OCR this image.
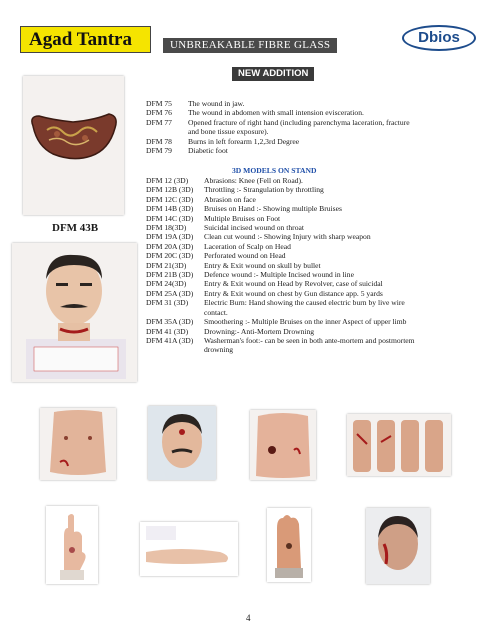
Agad Tantra	UNBREAKABLE FIBRE GLASS	Dbios
NEW ADDITION
DFM 43B
DFM 75	The wound in jaw.
DFM 76	The wound in abdomen with small intension evisceration.
DFM 77	Opened fracture of right hand (including parenchyma laceration, fracture
and bone tissue exposure).
DFM 78	Burns in left forearm 1,2,3rd Degree
DFM 79	Diabetic foot
3D MODELS ON STAND
DFM 12 (3D)	Abrasions: Knee (Fell on Road).
DFM 12B (3D)	Throttling :- Strangulation by throttling
DFM 12C (3D)	Abrasion on face
DFM 14B (3D)	Bruises on Hand :- Showing multiple Bruises
DFM 14C (3D)	Multiple Bruises on Foot
DFM 18(3D)	Suicidal incised wound on throat
DFM 19A (3D)	Clean cut wound :- Showing Injury with sharp weapon
DFM 20A (3D)	Laceration of Scalp on Head
DFM 20C (3D)	Perforated wound on Head
DFM 21(3D)	Entry & Exit wound on skull by bullet
DFM 21B (3D)	Defence wound :- Multiple Incised wound in line
DFM 24(3D)	Entry & Exit wound on Head by Revolver, case of suicidal
DFM 25A (3D)	Entry & Exit wound on chest by Gun distance app. 5 yards
DFM 31 (3D)	Electric Burn: Hand showing the caused electric burn by live wire
contact.
DFM 35A (3D)	Smoothering :- Multiple Bruises on the inner Aspect of upper limb
DFM 41 (3D)	Drowning:- Anti-Mortem Drowning
DFM 41A (3D)	Washerman's foot:- can be seen in both ante-mortem and postmortem
drowning
4
